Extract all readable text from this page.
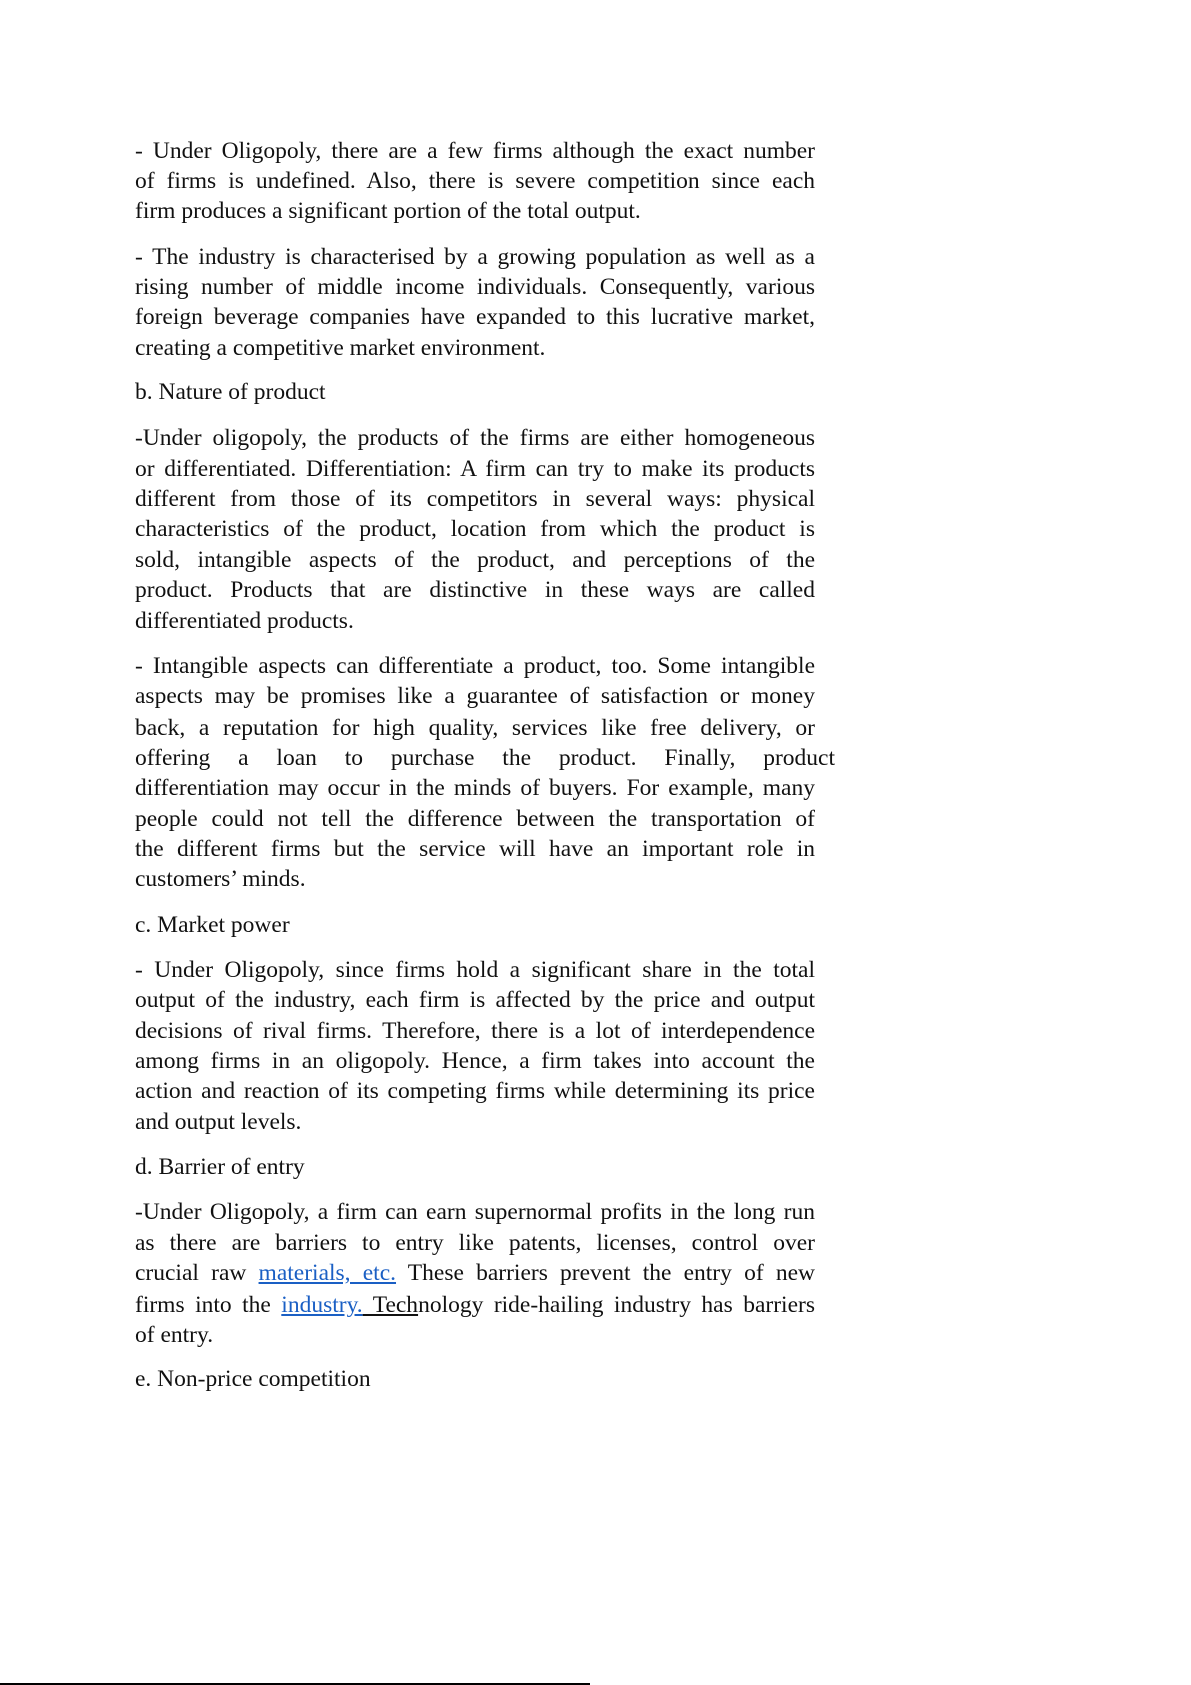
crucial raw materials, etc. These barriers prevent the entry of new
firms into the industry. Technology ride-hailing industry has barriers
- Under Oligopoly, there are a few firms although the exact number
of firms is undefined. Also, there is severe competition since each
firm produces a significant portion of the total output.
- The industry is characterised by a growing population as well as a
rising number of middle income individuals. Consequently, various
foreign beverage companies have expanded to this lucrative market,
creating a competitive market environment.
b. Nature of product
-Under oligopoly, the products of the firms are either homogeneous
or differentiated. Differentiation: A firm can try to make its products
different from those of its competitors in several ways: physical
characteristics of the product, location from which the product is
sold, intangible aspects of the product, and perceptions of the
product. Products that are distinctive in these ways are called
differentiated products.
- Intangible aspects can differentiate a product, too. Some intangible
aspects may be promises like a guarantee of satisfaction or money
back, a reputation for high quality, services like free delivery, or
offering a loan to purchase the product. Finally, product
differentiation may occur in the minds of buyers. For example, many
people could not tell the difference between the transportation of
the different firms but the service will have an important role in
customers’ minds.
c. Market power
- Under Oligopoly, since firms hold a significant share in the total
output of the industry, each firm is affected by the price and output
decisions of rival firms. Therefore, there is a lot of interdependence
among firms in an oligopoly. Hence, a firm takes into account the
action and reaction of its competing firms while determining its price
and output levels.
d. Barrier of entry
-Under Oligopoly, a firm can earn supernormal profits in the long run
as there are barriers to entry like patents, licenses, control over
of entry.
e. Non-price competition
